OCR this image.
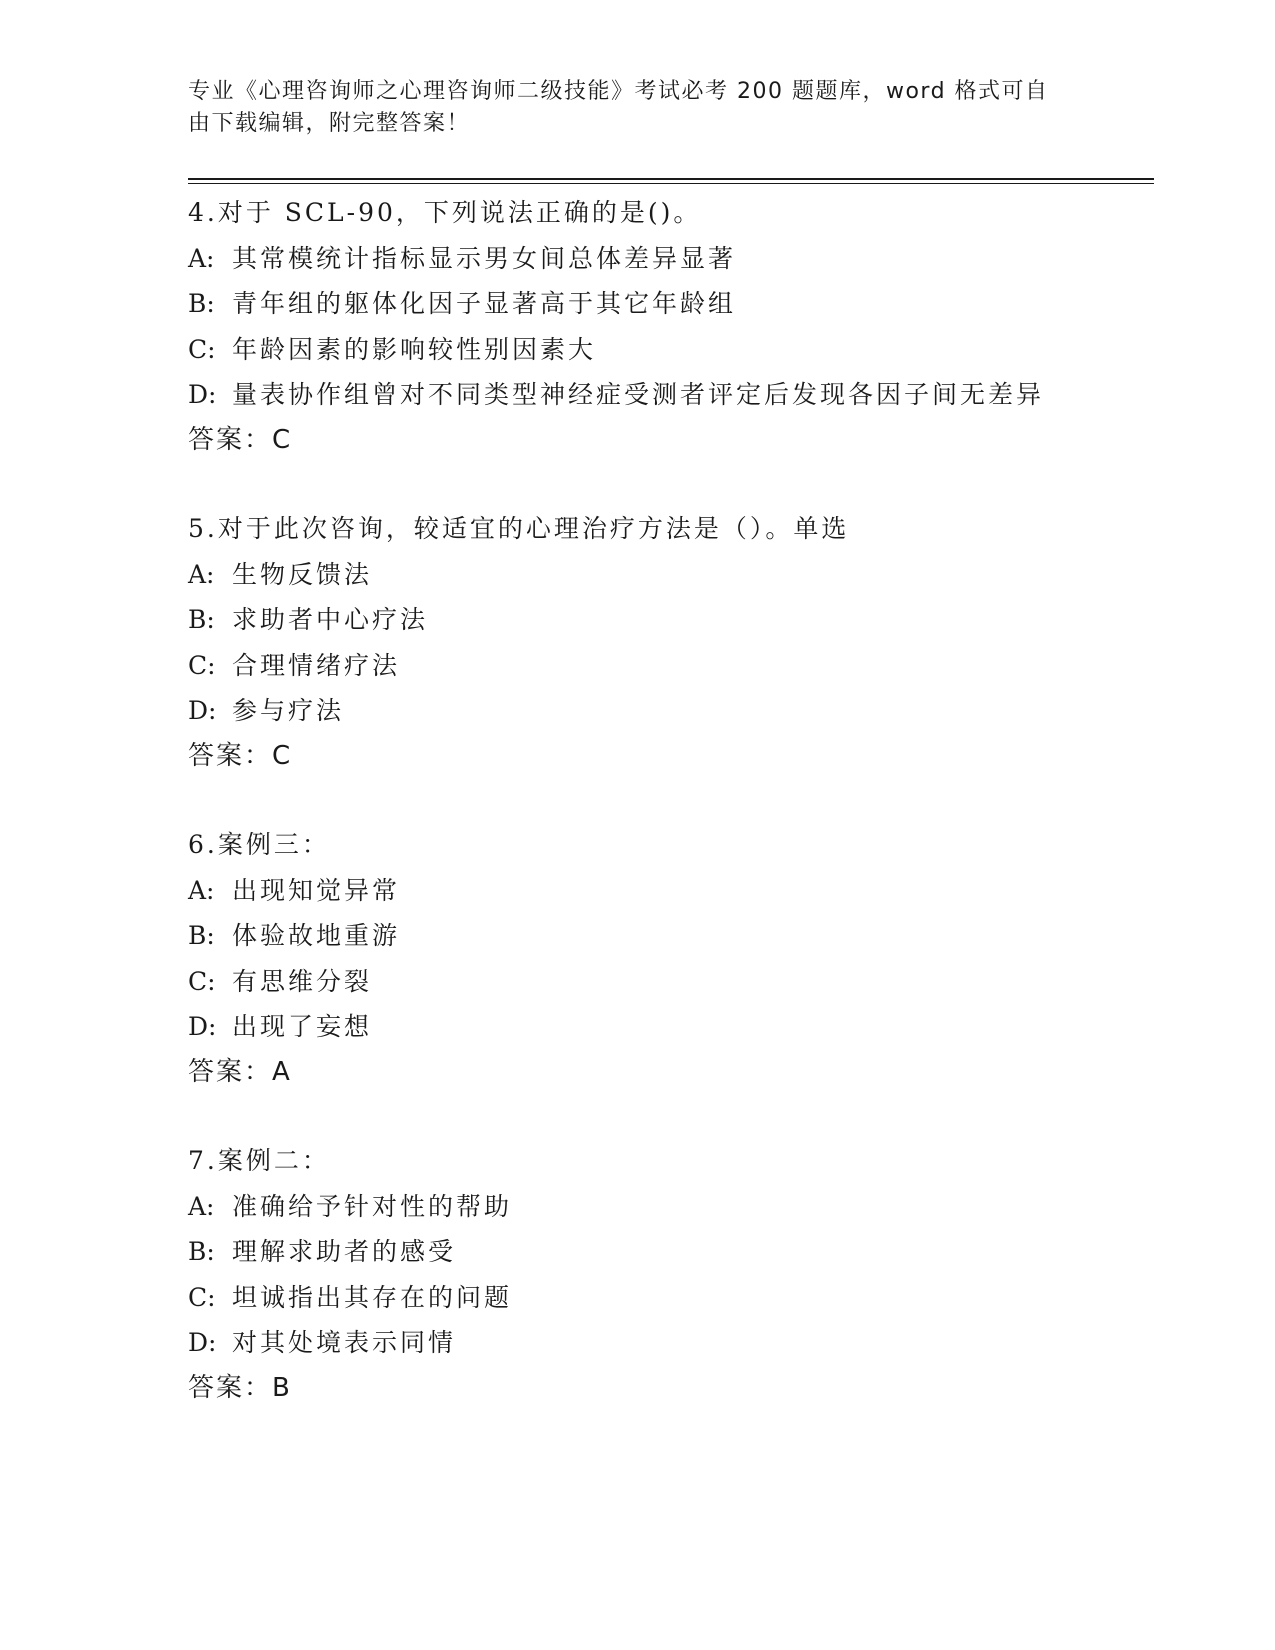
专业《心理咨询师之心理咨询师二级技能》考试必考 200 题题库，word 格式可自
由下载编辑，附完整答案！
4.对于 SCL-90，下列说法正确的是()。
A: 其常模统计指标显示男女间总体差异显著
B: 青年组的躯体化因子显著高于其它年龄组
C: 年龄因素的影响较性别因素大
D: 量表协作组曾对不同类型神经症受测者评定后发现各因子间无差异
答案：C
5.对于此次咨询，较适宜的心理治疗方法是（）。单选
A: 生物反馈法
B: 求助者中心疗法
C: 合理情绪疗法
D: 参与疗法
答案：C
6.案例三：
A: 出现知觉异常
B: 体验故地重游
C: 有思维分裂
D: 出现了妄想
答案：A
7.案例二：
A: 准确给予针对性的帮助
B: 理解求助者的感受
C: 坦诚指出其存在的问题
D: 对其处境表示同情
答案：B
